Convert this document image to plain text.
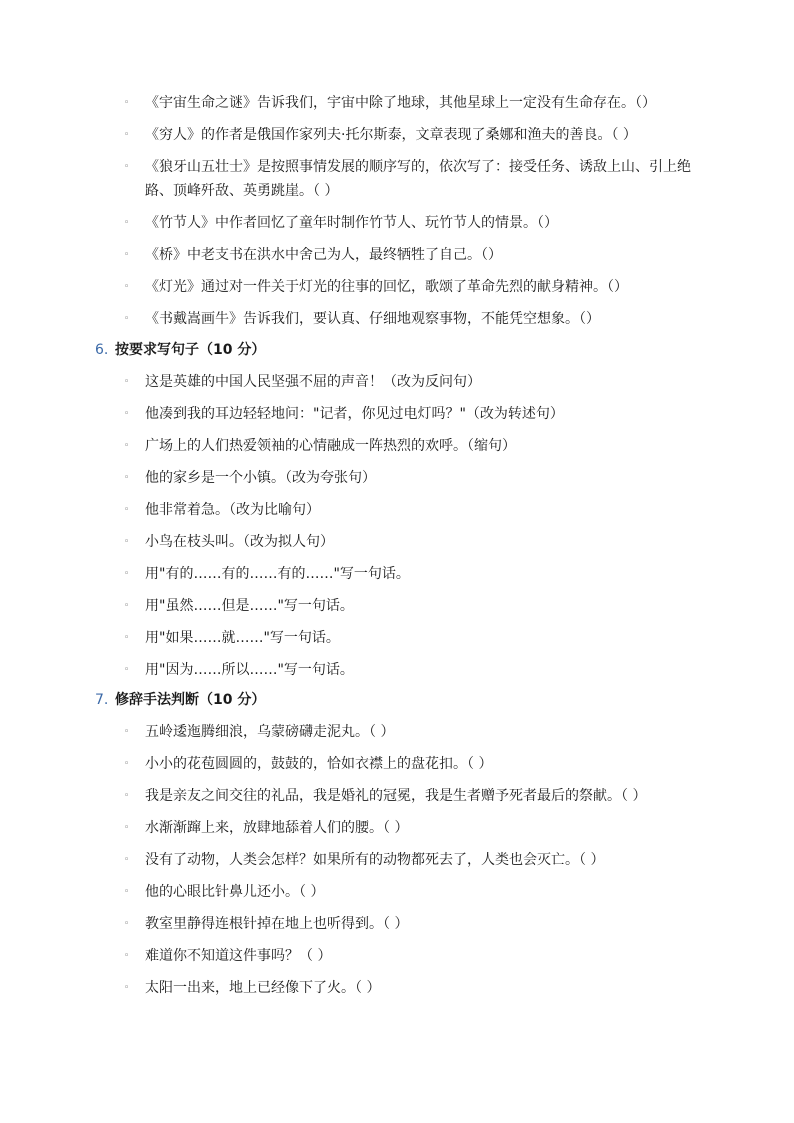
◦ 《宇宙生命之谜》告诉我们，宇宙中除了地球，其他星球上一定没有生命存在。（）
◦ 《穷人》的作者是俄国作家列夫·托尔斯泰，文章表现了桑娜和渔夫的善良。（ ）
◦ 《狼牙山五壮士》是按照事情发展的顺序写的，依次写了：接受任务、诱敌上山、引上绝路、顶峰歼敌、英勇跳崖。（ ）
◦ 《竹节人》中作者回忆了童年时制作竹节人、玩竹节人的情景。（）
◦ 《桥》中老支书在洪水中舍己为人，最终牺牲了自己。（）
◦ 《灯光》通过对一件关于灯光的往事的回忆，歌颂了革命先烈的献身精神。（）
◦ 《书戴嵩画牛》告诉我们，要认真、仔细地观察事物，不能凭空想象。（）
6. 按要求写句子（10 分）
◦ 这是英雄的中国人民坚强不屈的声音！（改为反问句）
◦ 他凑到我的耳边轻轻地问："记者，你见过电灯吗？"（改为转述句）
◦ 广场上的人们热爱领袖的心情融成一阵热烈的欢呼。（缩句）
◦ 他的家乡是一个小镇。（改为夸张句）
◦ 他非常着急。（改为比喻句）
◦ 小鸟在枝头叫。（改为拟人句）
◦ 用"有的……有的……有的……"写一句话。
◦ 用"虽然……但是……"写一句话。
◦ 用"如果……就……"写一句话。
◦ 用"因为……所以……"写一句话。
7. 修辞手法判断（10 分）
◦ 五岭逶迤腾细浪，乌蒙磅礴走泥丸。（ ）
◦ 小小的花苞圆圆的，鼓鼓的，恰如衣襟上的盘花扣。（ ）
◦ 我是亲友之间交往的礼品，我是婚礼的冠冕，我是生者赠予死者最后的祭献。（ ）
◦ 水渐渐蹿上来，放肆地舔着人们的腰。（ ）
◦ 没有了动物，人类会怎样？如果所有的动物都死去了，人类也会灭亡。（ ）
◦ 他的心眼比针鼻儿还小。（ ）
◦ 教室里静得连根针掉在地上也听得到。（ ）
◦ 难道你不知道这件事吗？（ ）
◦ 太阳一出来，地上已经像下了火。（ ）
